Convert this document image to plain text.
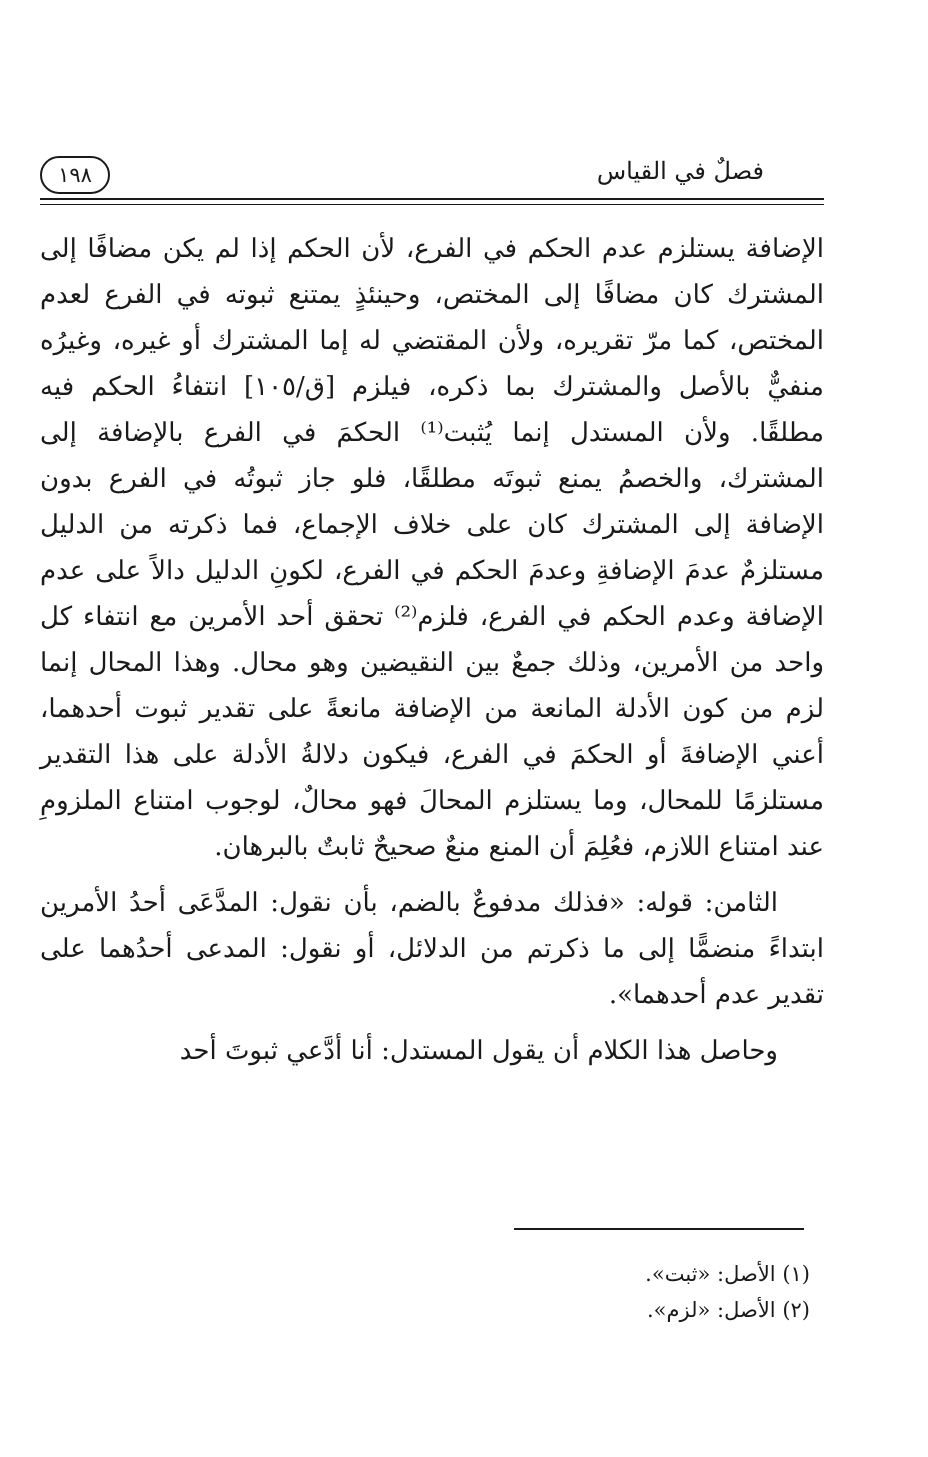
١٩٨	فصلٌ في القياس

الإضافة يستلزم عدم الحكم في الفرع، لأن الحكم إذا لم يكن مضافًا إلى المشترك كان مضافًا إلى المختص، وحينئذٍ يمتنع ثبوته في الفرع لعدم المختص، كما مرّ تقريره، ولأن المقتضي له إما المشترك أو غيره، وغيرُه منفيٌّ بالأصل والمشترك بما ذكره، فيلزم [ق/١٠٥] انتفاءُ الحكم فيه مطلقًا. ولأن المستدل إنما يُثبت⁽¹⁾ الحكمَ في الفرع بالإضافة إلى المشترك، والخصمُ يمنع ثبوتَه مطلقًا، فلو جاز ثبوتُه في الفرع بدون الإضافة إلى المشترك كان على خلاف الإجماع، فما ذكرته من الدليل مستلزمٌ عدمَ الإضافةِ وعدمَ الحكم في الفرع، لكونِ الدليل دالاً على عدم الإضافة وعدم الحكم في الفرع، فلزم⁽²⁾ تحقق أحد الأمرين مع انتفاء كل واحد من الأمرين، وذلك جمعٌ بين النقيضين وهو محال. وهذا المحال إنما لزم من كون الأدلة المانعة من الإضافة مانعةً على تقدير ثبوت أحدهما، أعني الإضافةَ أو الحكمَ في الفرع، فيكون دلالةُ الأدلة على هذا التقدير مستلزمًا للمحال، وما يستلزم المحالَ فهو محالٌ، لوجوب امتناع الملزومِ عند امتناع اللازم، فعُلِمَ أن المنع منعٌ صحيحٌ ثابتٌ بالبرهان.

الثامن: قوله: «فذلك مدفوعٌ بالضم، بأن نقول: المدَّعَى أحدُ الأمرين ابتداءً منضمًّا إلى ما ذكرتم من الدلائل، أو نقول: المدعى أحدُهما على تقدير عدم أحدهما».

وحاصل هذا الكلام أن يقول المستدل: أنا أدَّعي ثبوتَ أحد

(١) الأصل: «ثبت».

(٢) الأصل: «لزم».
